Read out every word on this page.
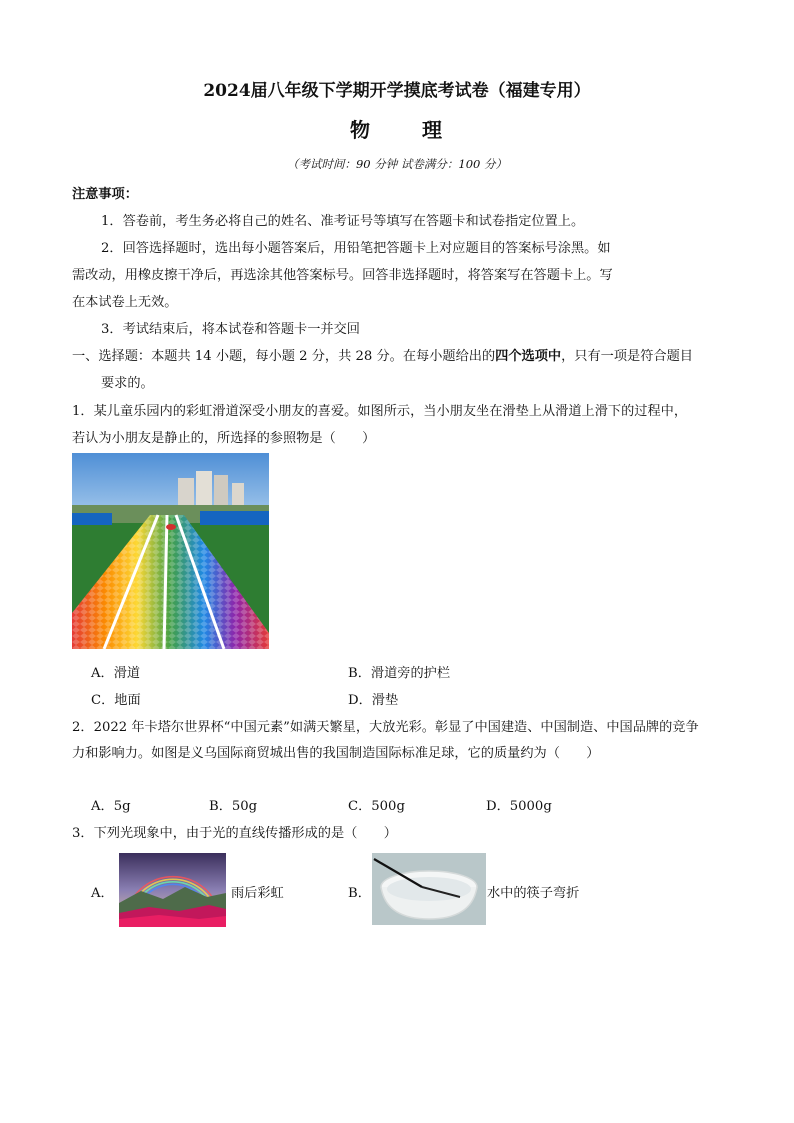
2024届八年级下学期开学摸底考试卷（福建专用）
物	理
（考试时间：90 分钟 试卷满分：100 分）
注意事项：
1．答卷前，考生务必将自己的姓名、准考证号等填写在答题卡和试卷指定位置上。
2．回答选择题时，选出每小题答案后，用铅笔把答题卡上对应题目的答案标号涂黑。如
需改动，用橡皮擦干净后，再选涂其他答案标号。回答非选择题时，将答案写在答题卡上。写
在本试卷上无效。
3．考试结束后，将本试卷和答题卡一并交回
一、选择题：本题共 14 小题，每小题 2 分，共 28 分。在每小题给出的四个选项中，只有一项是符合题目
要求的。
1．某儿童乐园内的彩虹滑道深受小朋友的喜爱。如图所示，当小朋友坐在滑垫上从滑道上滑下的过程中，
若认为小朋友是静止的，所选择的参照物是（　　）
A．滑道	B．滑道旁的护栏
C．地面	D．滑垫
2．2022 年卡塔尔世界杯“中国元素”如满天繁星，大放光彩。彰显了中国建造、中国制造、中国品牌的竞争
力和影响力。如图是义乌国际商贸城出售的我国制造国际标准足球，它的质量约为（　　）
A．5g	B．50g	C．500g	D．5000g
3．下列光现象中，由于光的直线传播形成的是（　　）
A．	雨后彩虹	B．	水中的筷子弯折
